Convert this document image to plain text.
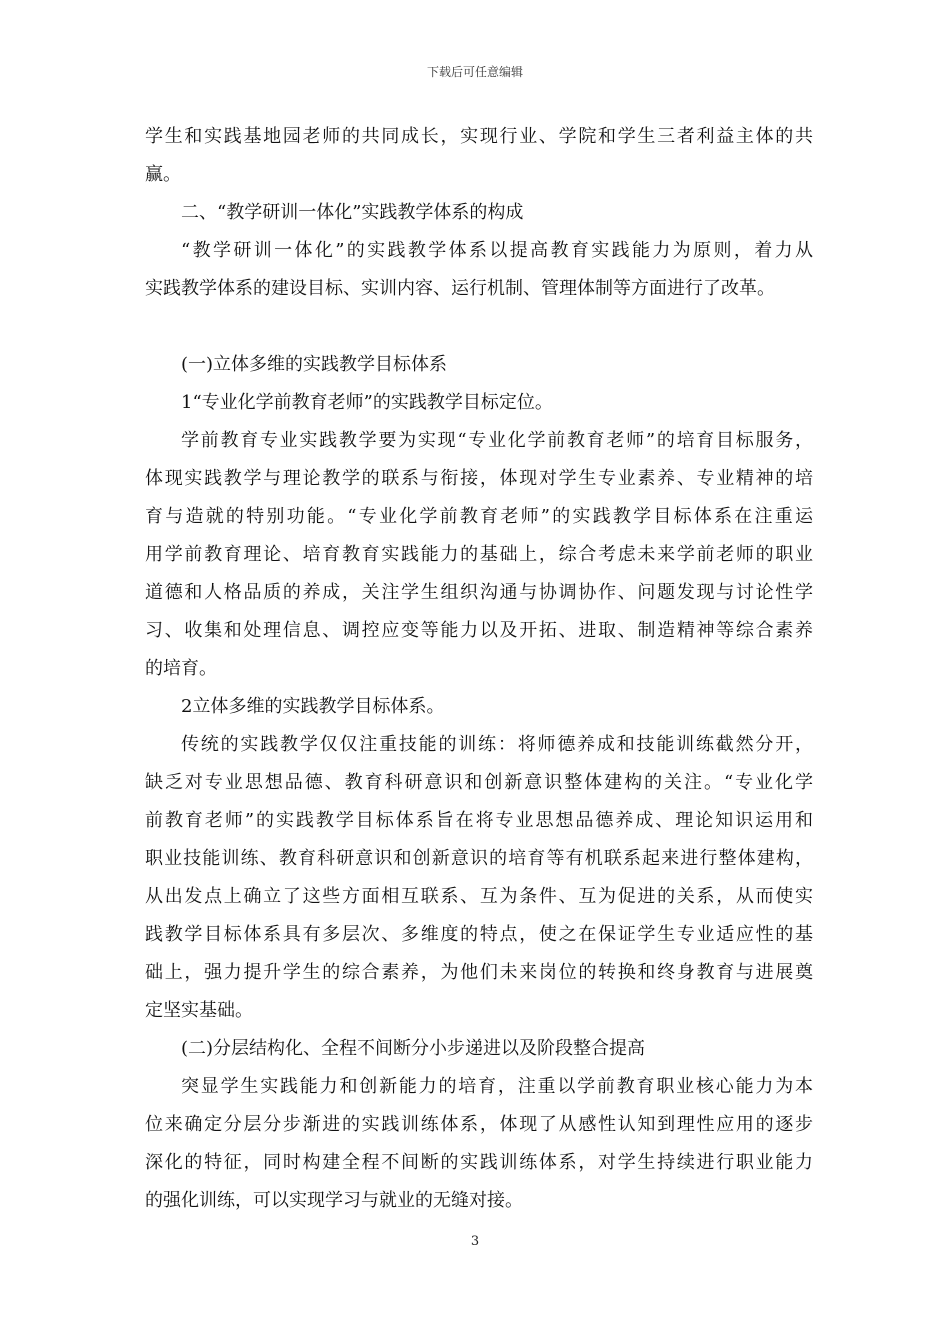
下载后可任意编辑
学生和实践基地园老师的共同成长，实现行业、学院和学生三者利益主体的共
赢。
二、“教学研训一体化”实践教学体系的构成
“教学研训一体化”的实践教学体系以提高教育实践能力为原则，着力从
实践教学体系的建设目标、实训内容、运行机制、管理体制等方面进行了改革。
(一)立体多维的实践教学目标体系
1“专业化学前教育老师”的实践教学目标定位。
学前教育专业实践教学要为实现“专业化学前教育老师”的培育目标服务，
体现实践教学与理论教学的联系与衔接，体现对学生专业素养、专业精神的培
育与造就的特别功能。“专业化学前教育老师”的实践教学目标体系在注重运
用学前教育理论、培育教育实践能力的基础上，综合考虑未来学前老师的职业
道德和人格品质的养成，关注学生组织沟通与协调协作、问题发现与讨论性学
习、收集和处理信息、调控应变等能力以及开拓、进取、制造精神等综合素养
的培育。
2立体多维的实践教学目标体系。
传统的实践教学仅仅注重技能的训练：将师德养成和技能训练截然分开，
缺乏对专业思想品德、教育科研意识和创新意识整体建构的关注。“专业化学
前教育老师”的实践教学目标体系旨在将专业思想品德养成、理论知识运用和
职业技能训练、教育科研意识和创新意识的培育等有机联系起来进行整体建构，
从出发点上确立了这些方面相互联系、互为条件、互为促进的关系，从而使实
践教学目标体系具有多层次、多维度的特点，使之在保证学生专业适应性的基
础上，强力提升学生的综合素养，为他们未来岗位的转换和终身教育与进展奠
定坚实基础。
(二)分层结构化、全程不间断分小步递进以及阶段整合提高
突显学生实践能力和创新能力的培育，注重以学前教育职业核心能力为本
位来确定分层分步渐进的实践训练体系，体现了从感性认知到理性应用的逐步
深化的特征，同时构建全程不间断的实践训练体系，对学生持续进行职业能力
的强化训练，可以实现学习与就业的无缝对接。
3
